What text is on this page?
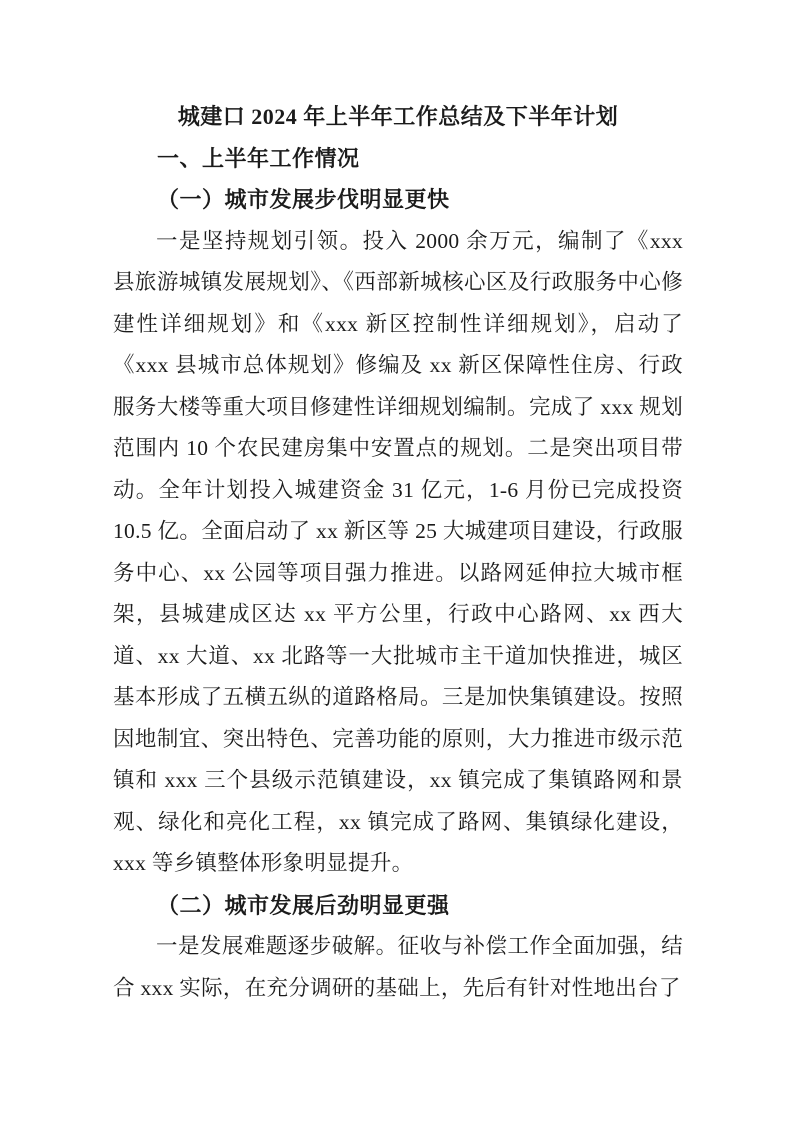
城建口 2024 年上半年工作总结及下半年计划
一、上半年工作情况
（一）城市发展步伐明显更快

一是坚持规划引领。投入 2000 余万元，编制了《xxx 县旅游城镇发展规划》、《西部新城核心区及行政服务中心修建性详细规划》和《xxx 新区控制性详细规划》，启动了《xxx 县城市总体规划》修编及 xx 新区保障性住房、行政服务大楼等重大项目修建性详细规划编制。完成了 xxx 规划范围内 10 个农民建房集中安置点的规划。二是突出项目带动。全年计划投入城建资金 31 亿元，1-6 月份已完成投资 10.5 亿。全面启动了 xx 新区等 25 大城建项目建设，行政服务中心、xx 公园等项目强力推进。以路网延伸拉大城市框架，县城建成区达 xx 平方公里，行政中心路网、xx 西大道、xx 大道、xx 北路等一大批城市主干道加快推进，城区基本形成了五横五纵的道路格局。三是加快集镇建设。按照因地制宜、突出特色、完善功能的原则，大力推进市级示范镇和 xxx 三个县级示范镇建设，xx 镇完成了集镇路网和景观、绿化和亮化工程，xx 镇完成了路网、集镇绿化建设，xxx 等乡镇整体形象明显提升。

（二）城市发展后劲明显更强

一是发展难题逐步破解。征收与补偿工作全面加强，结合 xxx 实际，在充分调研的基础上，先后有针对性地出台了
